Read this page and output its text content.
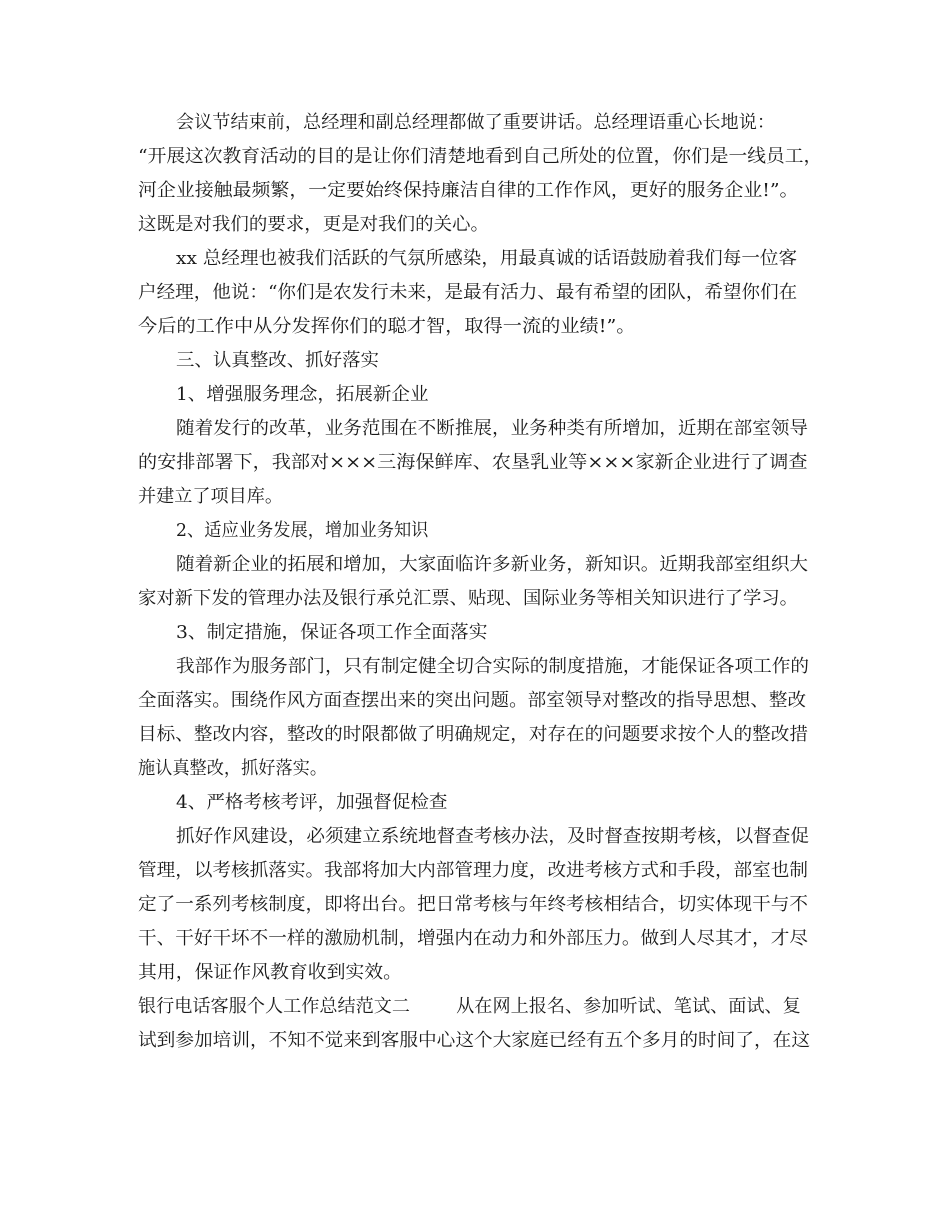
会议节结束前，总经理和副总经理都做了重要讲话。总经理语重心长地说：
“开展这次教育活动的目的是让你们清楚地看到自己所处的位置，你们是一线员工，
河企业接触最频繁，一定要始终保持廉洁自律的工作作风，更好的服务企业!”。
这既是对我们的要求，更是对我们的关心。
xx 总经理也被我们活跃的气氛所感染，用最真诚的话语鼓励着我们每一位客
户经理，他说：“你们是农发行未来，是最有活力、最有希望的团队，希望你们在
今后的工作中从分发挥你们的聪才智，取得一流的业绩!”。
三、认真整改、抓好落实
1、增强服务理念，拓展新企业
随着发行的改革，业务范围在不断推展，业务种类有所增加，近期在部室领导
的安排部署下，我部对×××三海保鲜库、农垦乳业等×××家新企业进行了调查
并建立了项目库。
2、适应业务发展，增加业务知识
随着新企业的拓展和增加，大家面临许多新业务，新知识。近期我部室组织大
家对新下发的管理办法及银行承兑汇票、贴现、国际业务等相关知识进行了学习。
3、制定措施，保证各项工作全面落实
我部作为服务部门，只有制定健全切合实际的制度措施，才能保证各项工作的
全面落实。围绕作风方面查摆出来的突出问题。部室领导对整改的指导思想、整改
目标、整改内容，整改的时限都做了明确规定，对存在的问题要求按个人的整改措
施认真整改，抓好落实。
4、严格考核考评，加强督促检查
抓好作风建设，必须建立系统地督查考核办法，及时督查按期考核，以督查促
管理，以考核抓落实。我部将加大内部管理力度，改进考核方式和手段，部室也制
定了一系列考核制度，即将出台。把日常考核与年终考核相结合，切实体现干与不
干、干好干坏不一样的激励机制，增强内在动力和外部压力。做到人尽其才，才尽
其用，保证作风教育收到实效。
银行电话客服个人工作总结范文二        从在网上报名、参加听试、笔试、面试、复
试到参加培训，不知不觉来到客服中心这个大家庭已经有五个多月的时间了，在这
